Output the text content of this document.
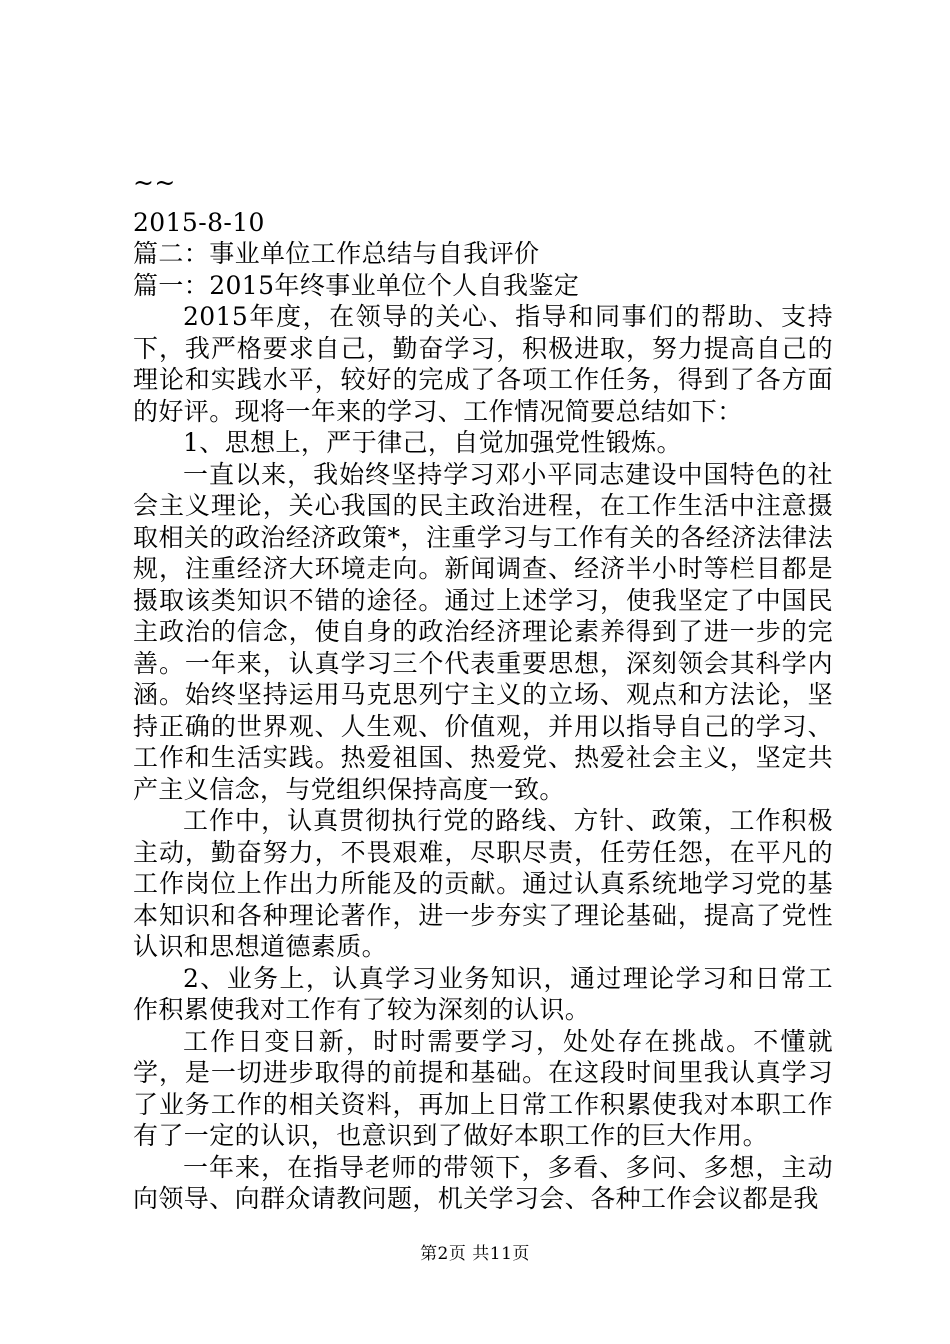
~~

2015-8-10

篇二：事业单位工作总结与自我评价

篇一：2015年终事业单位个人自我鉴定

2015年度，在领导的关心、指导和同事们的帮助、支持下，我严格要求自己，勤奋学习，积极进取，努力提高自己的理论和实践水平，较好的完成了各项工作任务，得到了各方面的好评。现将一年来的学习、工作情况简要总结如下：

1、思想上，严于律己，自觉加强党性锻炼。

一直以来，我始终坚持学习邓小平同志建设中国特色的社会主义理论，关心我国的民主政治进程，在工作生活中注意摄取相关的政治经济政策*，注重学习与工作有关的各经济法律法规，注重经济大环境走向。新闻调查、经济半小时等栏目都是摄取该类知识不错的途径。通过上述学习，使我坚定了中国民主政治的信念，使自身的政治经济理论素养得到了进一步的完善。一年来，认真学习三个代表重要思想，深刻领会其科学内涵。始终坚持运用马克思列宁主义的立场、观点和方法论，坚持正确的世界观、人生观、价值观，并用以指导自己的学习、工作和生活实践。热爱祖国、热爱党、热爱社会主义，坚定共产主义信念，与党组织保持高度一致。

工作中，认真贯彻执行党的路线、方针、政策，工作积极主动，勤奋努力，不畏艰难，尽职尽责，任劳任怨，在平凡的工作岗位上作出力所能及的贡献。通过认真系统地学习党的基本知识和各种理论著作，进一步夯实了理论基础，提高了党性认识和思想道德素质。

2、业务上，认真学习业务知识，通过理论学习和日常工作积累使我对工作有了较为深刻的认识。

工作日变日新，时时需要学习，处处存在挑战。不懂就学，是一切进步取得的前提和基础。在这段时间里我认真学习了业务工作的相关资料，再加上日常工作积累使我对本职工作有了一定的认识，也意识到了做好本职工作的巨大作用。

一年来，在指导老师的带领下，多看、多问、多想，主动向领导、向群众请教问题，机关学习会、各种工作会议都是我

第2页 共11页
